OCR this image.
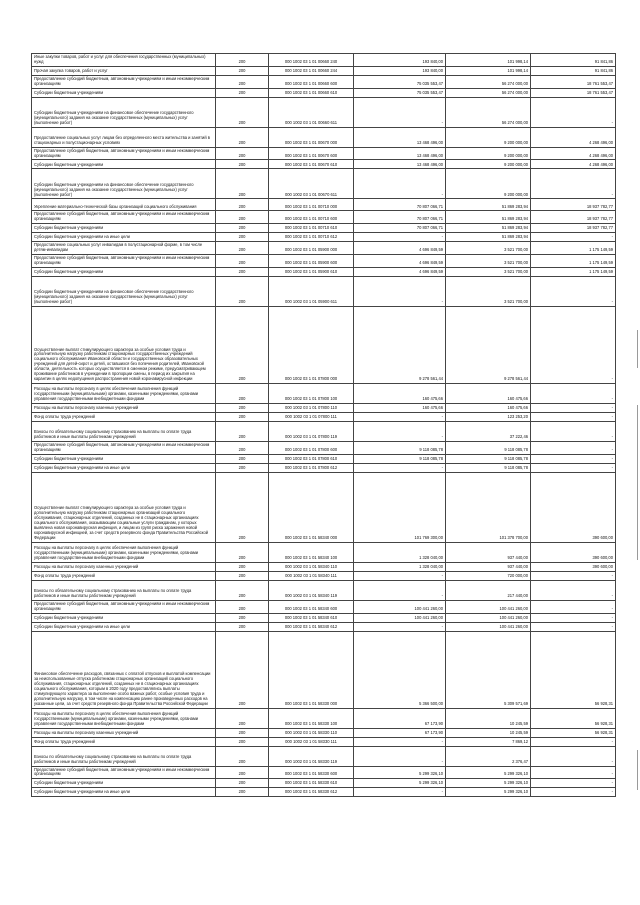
Иные закупки товаров, работ и услуг для обеспечения государственных (муниципальных) нужд	200	000 1002 03 1 01 00660 240	193 840,00	101 998,14	91 841,86
Прочая закупка товаров, работ и услуг	200	000 1002 03 1 01 00660 244	193 840,00	101 998,14	91 841,86
Предоставление субсидий бюджетным, автономным учреждениям и иным некоммерческим организациям	200	000 1002 03 1 01 00660 600	75 035 553,47	56 274 000,00	18 761 553,47
Субсидии бюджетным учреждениям	200	000 1002 03 1 01 00660 610	75 035 553,47	56 274 000,00	18 761 553,47
Субсидии бюджетным учреждениям на финансовое обеспечение государственного (муниципального) задания на оказание государственных (муниципальных) услуг (выполнение работ)	200	000 1002 03 1 01 00660 611	-	56 274 000,00	-
Предоставление социальных услуг лицам без определенного места жительства и занятий в стационарных и полустационарных условиях	200	000 1002 03 1 01 00670 000	13 468 496,00	9 200 000,00	4 268 496,00
Предоставление субсидий бюджетным, автономным учреждениям и иным некоммерческим организациям	200	000 1002 03 1 01 00670 600	13 468 496,00	9 200 000,00	4 268 496,00
Субсидии бюджетным учреждениям	200	000 1002 03 1 01 00670 610	13 468 496,00	9 200 000,00	4 268 496,00
Субсидии бюджетным учреждениям на финансовое обеспечение государственного (муниципального) задания на оказание государственных (муниципальных) услуг (выполнение работ)	200	000 1002 03 1 01 00670 611	-	9 200 000,00	-
Укрепление материально-технической базы организаций социального обслуживания	200	000 1002 03 1 01 00710 000	70 807 066,71	51 869 283,94	18 937 782,77
Предоставление субсидий бюджетным, автономным учреждениям и иным некоммерческим организациям	200	000 1002 03 1 01 00710 600	70 807 066,71	51 869 283,94	18 937 782,77
Субсидии бюджетным учреждениям	200	000 1002 03 1 01 00710 610	70 807 066,71	51 869 283,94	18 937 782,77
Субсидии бюджетным учреждениям на иные цели	200	000 1002 03 1 01 00710 612	-	51 869 283,94	-
Предоставление социальных услуг инвалидам в полустационарной форме, в том числе детям-инвалидам	200	000 1002 03 1 01 05900 000	4 696 849,59	3 521 700,00	1 175 149,59
Предоставление субсидий бюджетным, автономным учреждениям и иным некоммерческим организациям	200	000 1002 03 1 01 05900 600	4 696 849,59	3 521 700,00	1 175 149,59
Субсидии бюджетным учреждениям	200	000 1002 03 1 01 05900 610	4 696 849,59	3 521 700,00	1 175 149,59
Субсидии бюджетным учреждениям на финансовое обеспечение государственного (муниципального) задания на оказание государственных (муниципальных) услуг (выполнение работ)	200	000 1002 03 1 01 05900 611	-	3 521 700,00	-
Осуществление выплат стимулирующего характера за особые условия труда и дополнительную нагрузку работникам стационарных государственных учреждений социального обслуживания Ивановской области и государственных образовательных учреждений для детей-сирот и детей, оставшихся без попечения родителей, Ивановской области, деятельность которых осуществляется в сменном режиме, предусматривающем проживание работников в учреждении в пропорции смены, в период их закрытия на карантин в целях недопущения распространения новой коронавирусной инфекции	200	000 1002 03 1 01 07800 000	9 278 561,44	9 278 561,44	-
Расходы на выплаты персоналу в целях обеспечения выполнения функций государственными (муниципальными) органами, казенными учреждениями, органами управления государственными внебюджетными фондами	200	000 1002 03 1 01 07800 100	160 475,66	160 475,66	-
Расходы на выплаты персоналу казенных учреждений	200	000 1002 03 1 01 07800 110	160 475,66	160 475,66	-
Фонд оплаты труда учреждений	200	000 1002 03 1 01 07800 111	-	123 253,20	-
Взносы по обязательному социальному страхованию на выплаты по оплате труда работников и иные выплаты работникам учреждений	200	000 1002 03 1 01 07800 119	-	37 222,46	-
Предоставление субсидий бюджетным, автономным учреждениям и иным некоммерческим организациям	200	000 1002 03 1 01 07800 600	9 118 085,78	9 118 085,78	-
Субсидии бюджетным учреждениям	200	000 1002 03 1 01 07800 610	9 118 085,78	9 118 085,78	-
Субсидии бюджетным учреждениям на иные цели	200	000 1002 03 1 01 07800 612	-	9 118 085,78	-
Осуществление выплат стимулирующего характера за особые условия труда и дополнительную нагрузку работникам стационарных организаций социального обслуживания, стационарных отделений, созданных не в стационарных организациях социального обслуживания, оказывающим социальные услуги гражданам, у которых выявлена новая коронавирусная инфекция, и лицам из групп риска заражения новой коронавирусной инфекцией, за счет средств резервного фонда Правительства Российской Федерации	200	000 1002 03 1 01 58340 000	101 769 300,00	101 378 700,00	390 600,00
Расходы на выплаты персоналу в целях обеспечения выполнения функций государственными (муниципальными) органами, казенными учреждениями, органами управления государственными внебюджетными фондами	200	000 1002 03 1 01 58340 100	1 328 040,00	937 440,00	390 600,00
Расходы на выплаты персоналу казенных учреждений	200	000 1002 03 1 01 58340 110	1 328 040,00	937 440,00	390 600,00
Фонд оплаты труда учреждений	200	000 1002 03 1 01 58340 111	-	720 000,00	-
Взносы по обязательному социальному страхованию на выплаты по оплате труда работников и иные выплаты работникам учреждений	200	000 1002 03 1 01 58340 119	-	217 440,00	-
Предоставление субсидий бюджетным, автономным учреждениям и иным некоммерческим организациям	200	000 1002 03 1 01 58340 600	100 441 260,00	100 441 260,00	-
Субсидии бюджетным учреждениям	200	000 1002 03 1 01 58340 610	100 441 260,00	100 441 260,00	-
Субсидии бюджетным учреждениям на иные цели	200	000 1002 03 1 01 58340 612	-	100 441 260,00	-
Финансовое обеспечение расходов, связанных с оплатой отпусков и выплатой компенсации за неиспользованные отпуска работникам стационарных организаций социального обслуживания, стационарных отделений, созданных не в стационарных организациях социального обслуживания, которым в 2020 году предоставлялись выплаты стимулирующего характера за выполнение особо важных работ, особые условия труда и дополнительную нагрузку, в том числе на компенсацию ранее произведенных расходов на указанные цели, за счет средств резервного фонда Правительства Российской Федерации	200	000 1002 03 1 01 58330 000	5 366 500,00	5 309 571,69	56 928,31
Расходы на выплаты персоналу в целях обеспечения выполнения функций государственными (муниципальными) органами, казенными учреждениями, органами управления государственными внебюджетными фондами	200	000 1002 03 1 01 58330 100	67 173,90	10 245,59	56 928,31
Расходы на выплаты персоналу казенных учреждений	200	000 1002 03 1 01 58330 110	67 173,90	10 245,59	56 928,31
Фонд оплаты труда учреждений	200	000 1002 03 1 01 58330 111	-	7 869,12	-
Взносы по обязательному социальному страхованию на выплаты по оплате труда работников и иные выплаты работникам учреждений	200	000 1002 03 1 01 58330 119	-	2 376,47	-
Предоставление субсидий бюджетным, автономным учреждениям и иным некоммерческим организациям	200	000 1002 03 1 01 58330 600	5 299 326,10	5 299 326,10	-
Субсидии бюджетным учреждениям	200	000 1002 03 1 01 58330 610	5 299 326,10	5 299 326,10	-
Субсидии бюджетным учреждениям на иные цели	200	000 1002 03 1 01 58330 612	-	5 299 326,10	-
